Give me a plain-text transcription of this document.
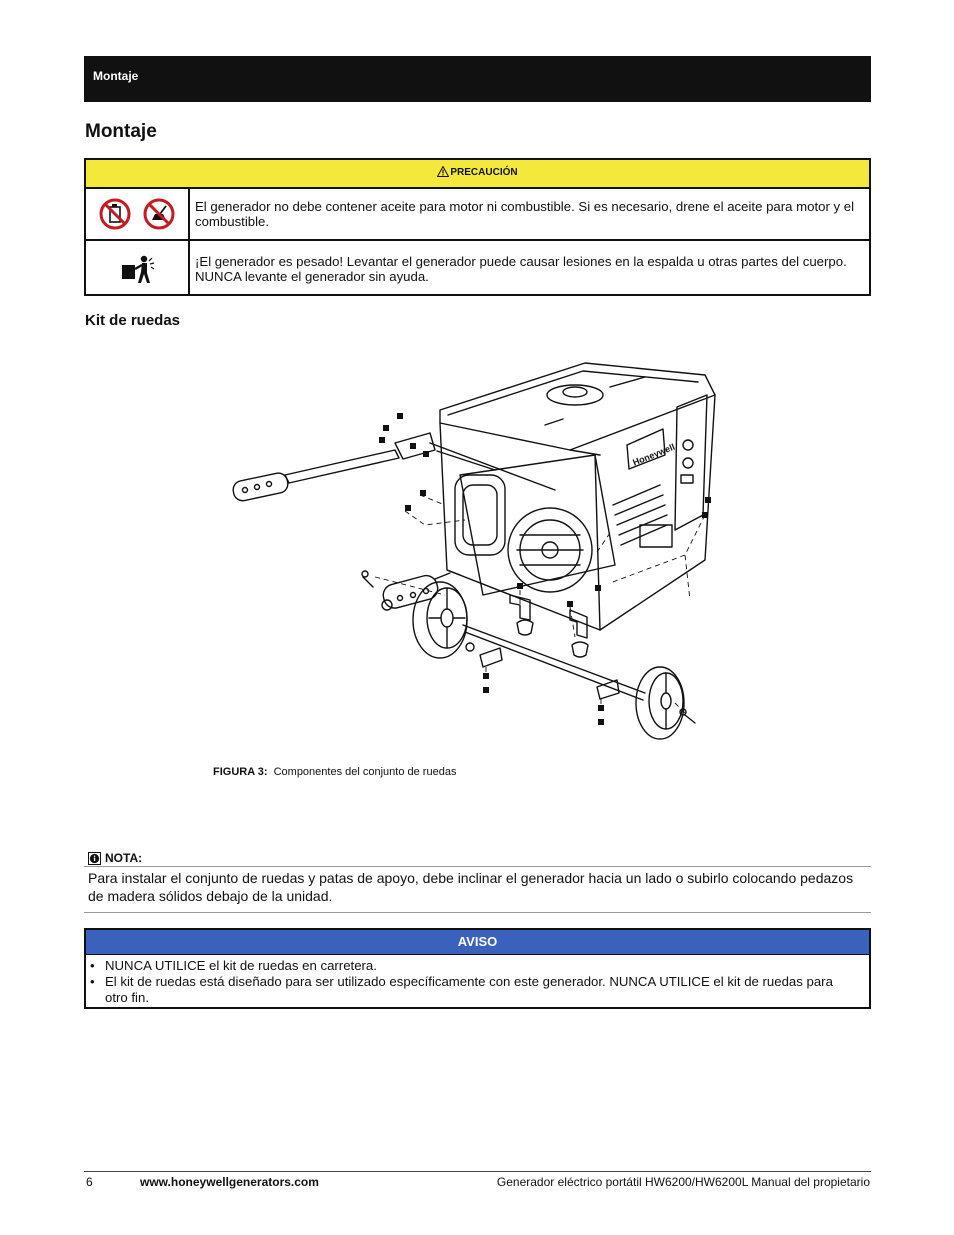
Montaje
Montaje
PRECAUCIÓN
El generador no debe contener aceite para motor ni combustible. Si es necesario, drene el aceite para motor y el combustible.
¡El generador es pesado! Levantar el generador puede causar lesiones en la espalda u otras partes del cuerpo. NUNCA levante el generador sin ayuda.
Kit de ruedas
Honeywell
FIGURA 3: Componentes del conjunto de ruedas
NOTA:
Para instalar el conjunto de ruedas y patas de apoyo, debe inclinar el generador hacia un lado o subirlo colocando pedazos de madera sólidos debajo de la unidad.
AVISO
• NUNCA UTILICE el kit de ruedas en carretera.
• El kit de ruedas está diseñado para ser utilizado específicamente con este generador. NUNCA UTILICE el kit de ruedas para otro fin.
6	www.honeywellgenerators.com	Generador eléctrico portátil HW6200/HW6200L Manual del propietario
